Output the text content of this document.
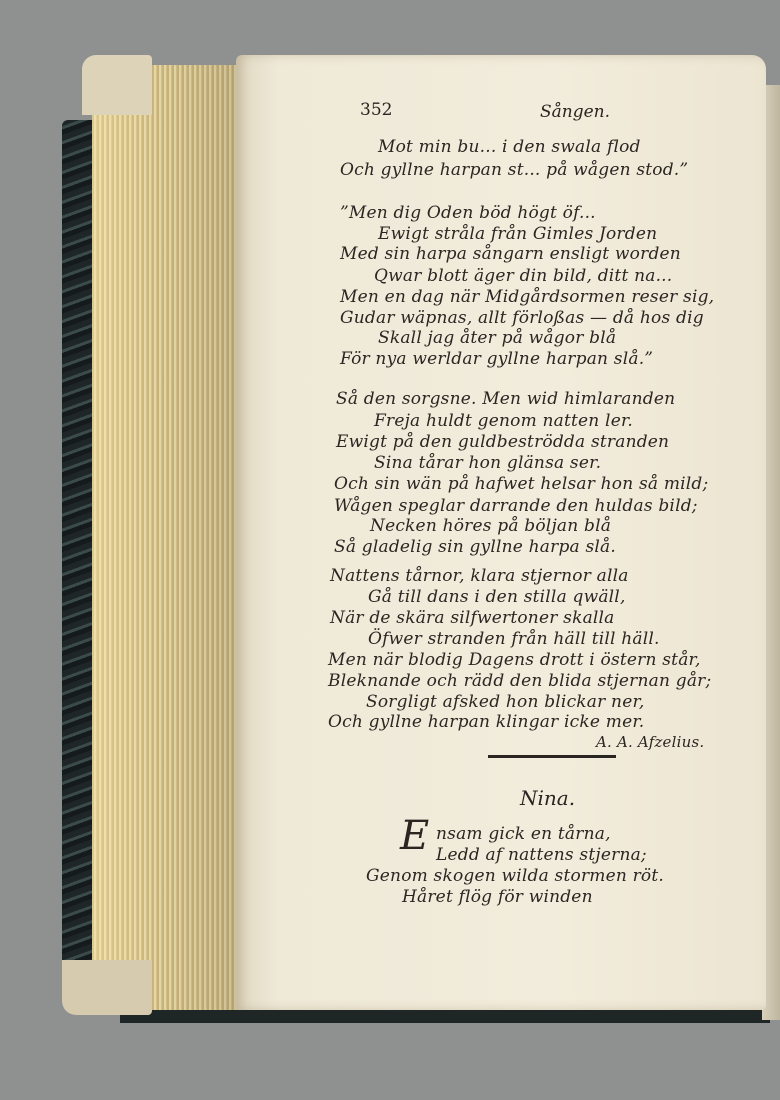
352	Sången.
Mot min bu... i den swala flod
Och gyllne harpan st... på wågen stod.”
”Men dig Oden böd högt öf...
Ewigt stråla från Gimles Jorden
Med sin harpa sångarn ensligt worden
Qwar blott äger din bild, ditt na...
Men en dag när Midgårdsormen reser sig,
Gudar wäpnas, allt förloßas — då hos dig
Skall jag åter på wågor blå
För nya werldar gyllne harpan slå.”
Så den sorgsne. Men wid himlaranden
Freja huldt genom natten ler.
Ewigt på den guldbeströdda stranden
Sina tårar hon glänsa ser.
Och sin wän på hafwet helsar hon så mild;
Wågen speglar darrande den huldas bild;
Necken höres på böljan blå
Så gladelig sin gyllne harpa slå.
Nattens tårnor, klara stjernor alla
Gå till dans i den stilla qwäll,
När de skära silfwertoner skalla
Öfwer stranden från häll till häll.
Men när blodig Dagens drott i östern står,
Bleknande och rädd den blida stjernan går;
Sorgligt afsked hon blickar ner,
Och gyllne harpan klingar icke mer.
A. A. Afzelius.
Nina.
E nsam gick en tårna,
Ledd af nattens stjerna;
Genom skogen wilda stormen röt.
Håret flög för winden
